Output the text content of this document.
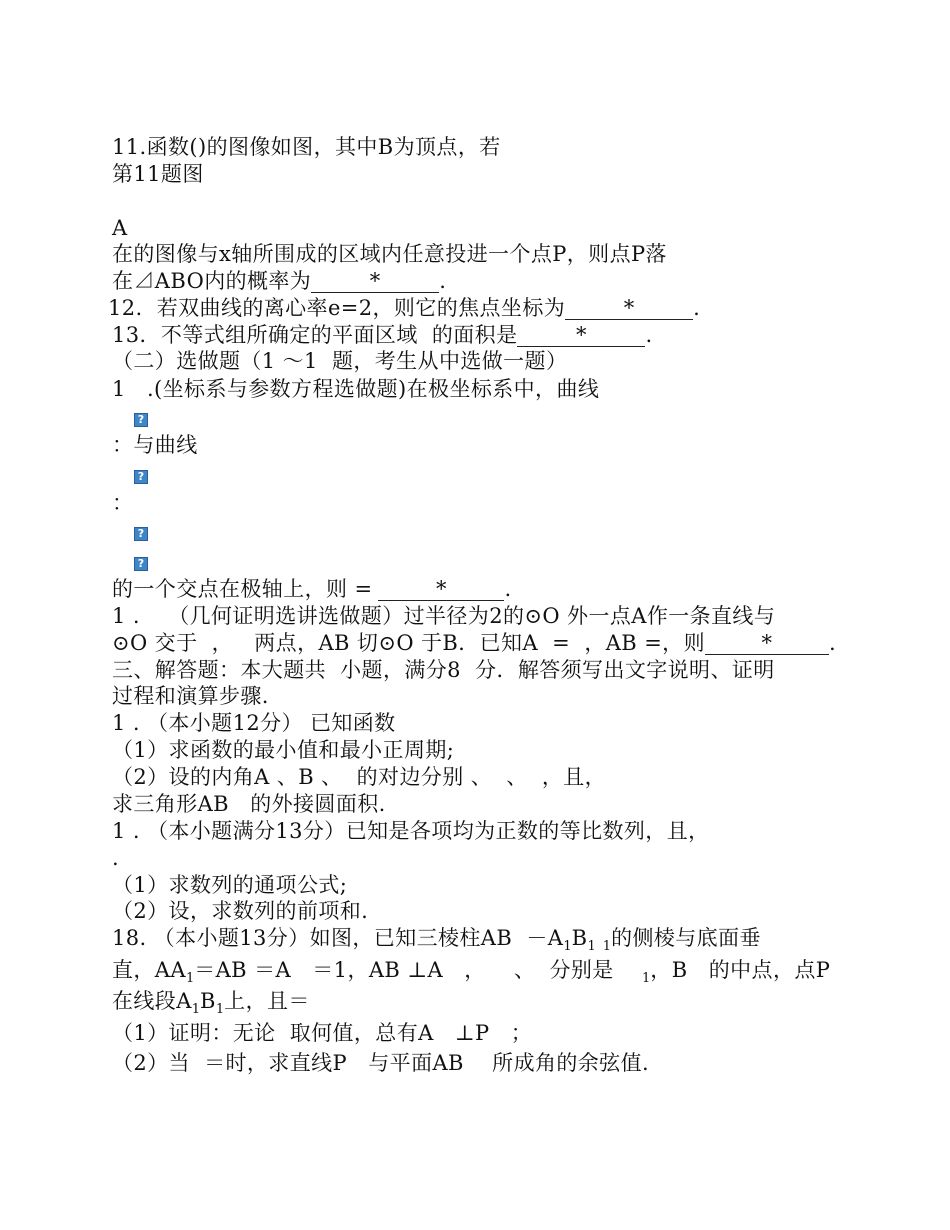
11.函数()的图像如图，其中B为顶点，若
第11题图
A
在的图像与x轴所围成的区域内任意投进一个点P，则点P落
在⊿ABO内的概率为	*	.
12.  若双曲线的离心率e=2，则它的焦点坐标为	*	.
13．不等式组所确定的平面区域  的面积是	*	.
（二）选做题（1 ～1  题，考生从中选做一题）
1   .(坐标系与参数方程选做题)在极坐标系中，曲线
?
：与曲线
?
：
?
?
的一个交点在极轴上，则 =	*	.
1 .    （几何证明选讲选做题）过半径为2的⊙O 外一点A作一条直线与
⊙O 交于  ，   两点，AB 切⊙O 于B．已知A  =  ，AB =，则	*	.
三、解答题：本大题共  小题，满分8  分．解答须写出文字说明、证明
过程和演算步骤.
1 . （本小题12分） 已知函数
（1）求函数的最小值和最小正周期;
（2）设的内角A 、B 、  的对边分别 、  、  ，且，
求三角形AB   的外接圆面积.
1 . （本小题满分13分）已知是各项均为正数的等比数列，且，
.
（1）求数列的通项公式;
（2）设，求数列的前项和.
18. （本小题13分）如图，已知三棱柱AB  $-A_1B_1$ $_1$的侧棱与底面垂
直，$AA_1=AB =A =1$，AB ⊥A   ，    、  分别是    $_1$，B   的中点，点P
在线段$A_1B_1$上，且＝
（1）证明：无论  取何值，总有A   ⊥P   ；
（2）当  ＝时，求直线P   与平面AB    所成角的余弦值.
